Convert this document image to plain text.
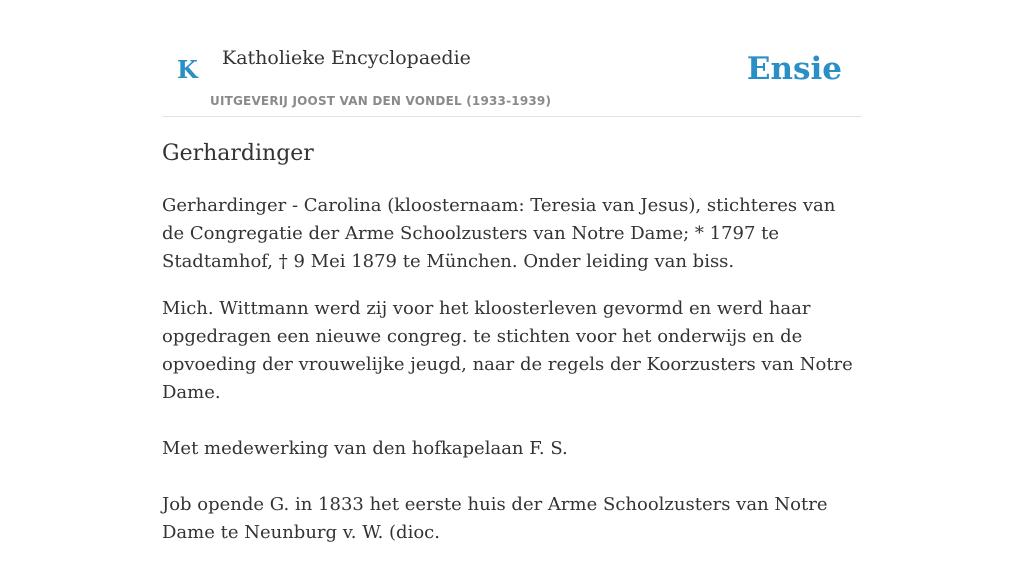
K Katholieke Encyclopaedie
UITGEVERIJ JOOST VAN DEN VONDEL (1933-1939)
Ensie
Gerhardinger

Gerhardinger - Carolina (kloosternaam: Teresia van Jesus), stichteres van de Congregatie der Arme Schoolzusters van Notre Dame; * 1797 te Stadtamhof, † 9 Mei 1879 te München. Onder leiding van biss.

Mich. Wittmann werd zij voor het kloosterleven gevormd en werd haar opgedragen een nieuwe congreg. te stichten voor het onderwijs en de opvoeding der vrouwelijke jeugd, naar de regels der Koorzusters van Notre Dame.

Met medewerking van den hofkapelaan F. S.

Job opende G. in 1833 het eerste huis der Arme Schoolzusters van Notre Dame te Neunburg v. W. (dioc.
